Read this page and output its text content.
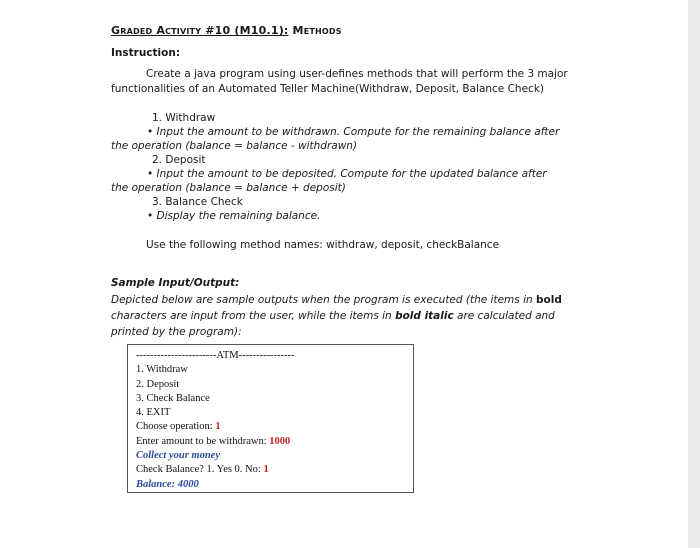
Graded Activity #10 (M10.1): Methods
Instruction:
Create a java program using user-defines methods that will perform the 3 major
functionalities of an Automated Teller Machine(Withdraw, Deposit, Balance Check)
1. Withdraw
• Input the amount to be withdrawn. Compute for the remaining balance after
the operation (balance = balance - withdrawn)
2. Deposit
• Input the amount to be deposited. Compute for the updated balance after
the operation (balance = balance + deposit)
3. Balance Check
• Display the remaining balance.
Use the following method names: withdraw, deposit, checkBalance
Sample Input/Output:
Depicted below are sample outputs when the program is executed (the items in bold characters are input from the user, while the items in bold italic are calculated and printed by the program):
-----------------------ATM----------------
1. Withdraw
2. Deposit
3. Check Balance
4. EXIT
Choose operation: 1
Enter amount to be withdrawn: 1000
Collect your money
Check Balance? 1. Yes 0. No: 1
Balance: 4000
